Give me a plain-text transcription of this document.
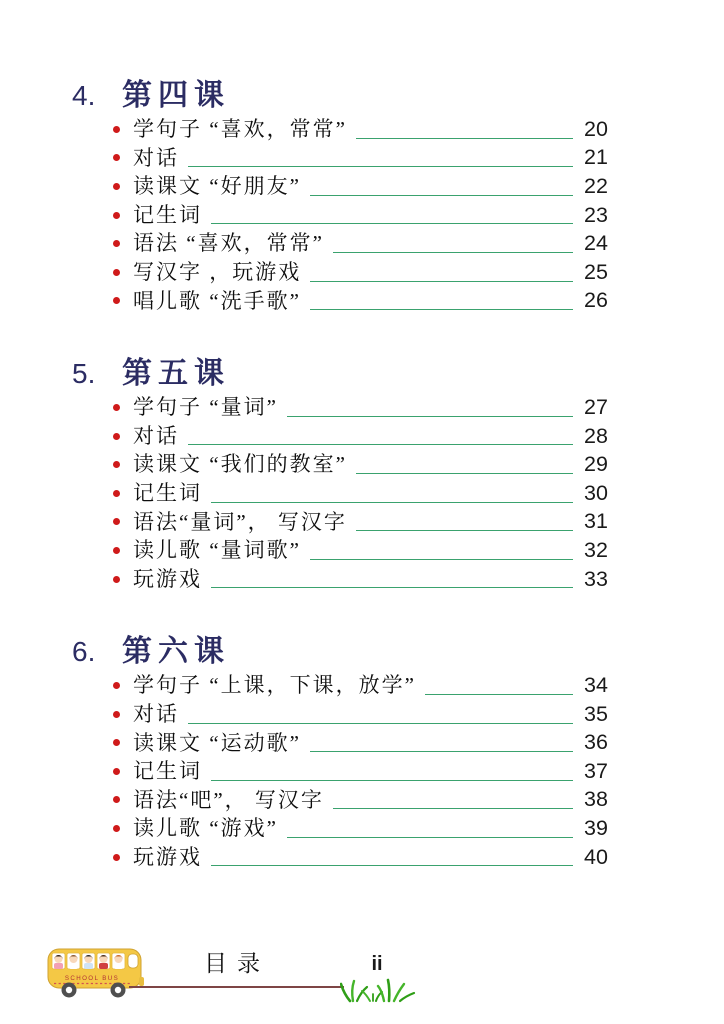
4. 第四课
学句子 “喜欢，常常”	20
对话	21
读课文 “好朋友”	22
记生词	23
语法 “喜欢，常常”	24
写汉字 ，玩游戏	25
唱儿歌 “洗手歌”	26
5. 第五课
学句子 “量词”	27
对话	28
读课文 “我们的教室”	29
记生词	30
语法“量词”， 写汉字	31
读儿歌 “量词歌”	32
玩游戏	33
6. 第六课
学句子 “上课，下课，放学”	34
对话	35
读课文 “运动歌”	36
记生词	37
语法“吧”， 写汉字	38
读儿歌 “游戏”	39
玩游戏	40
SCHOOL BUS
目录	ii
